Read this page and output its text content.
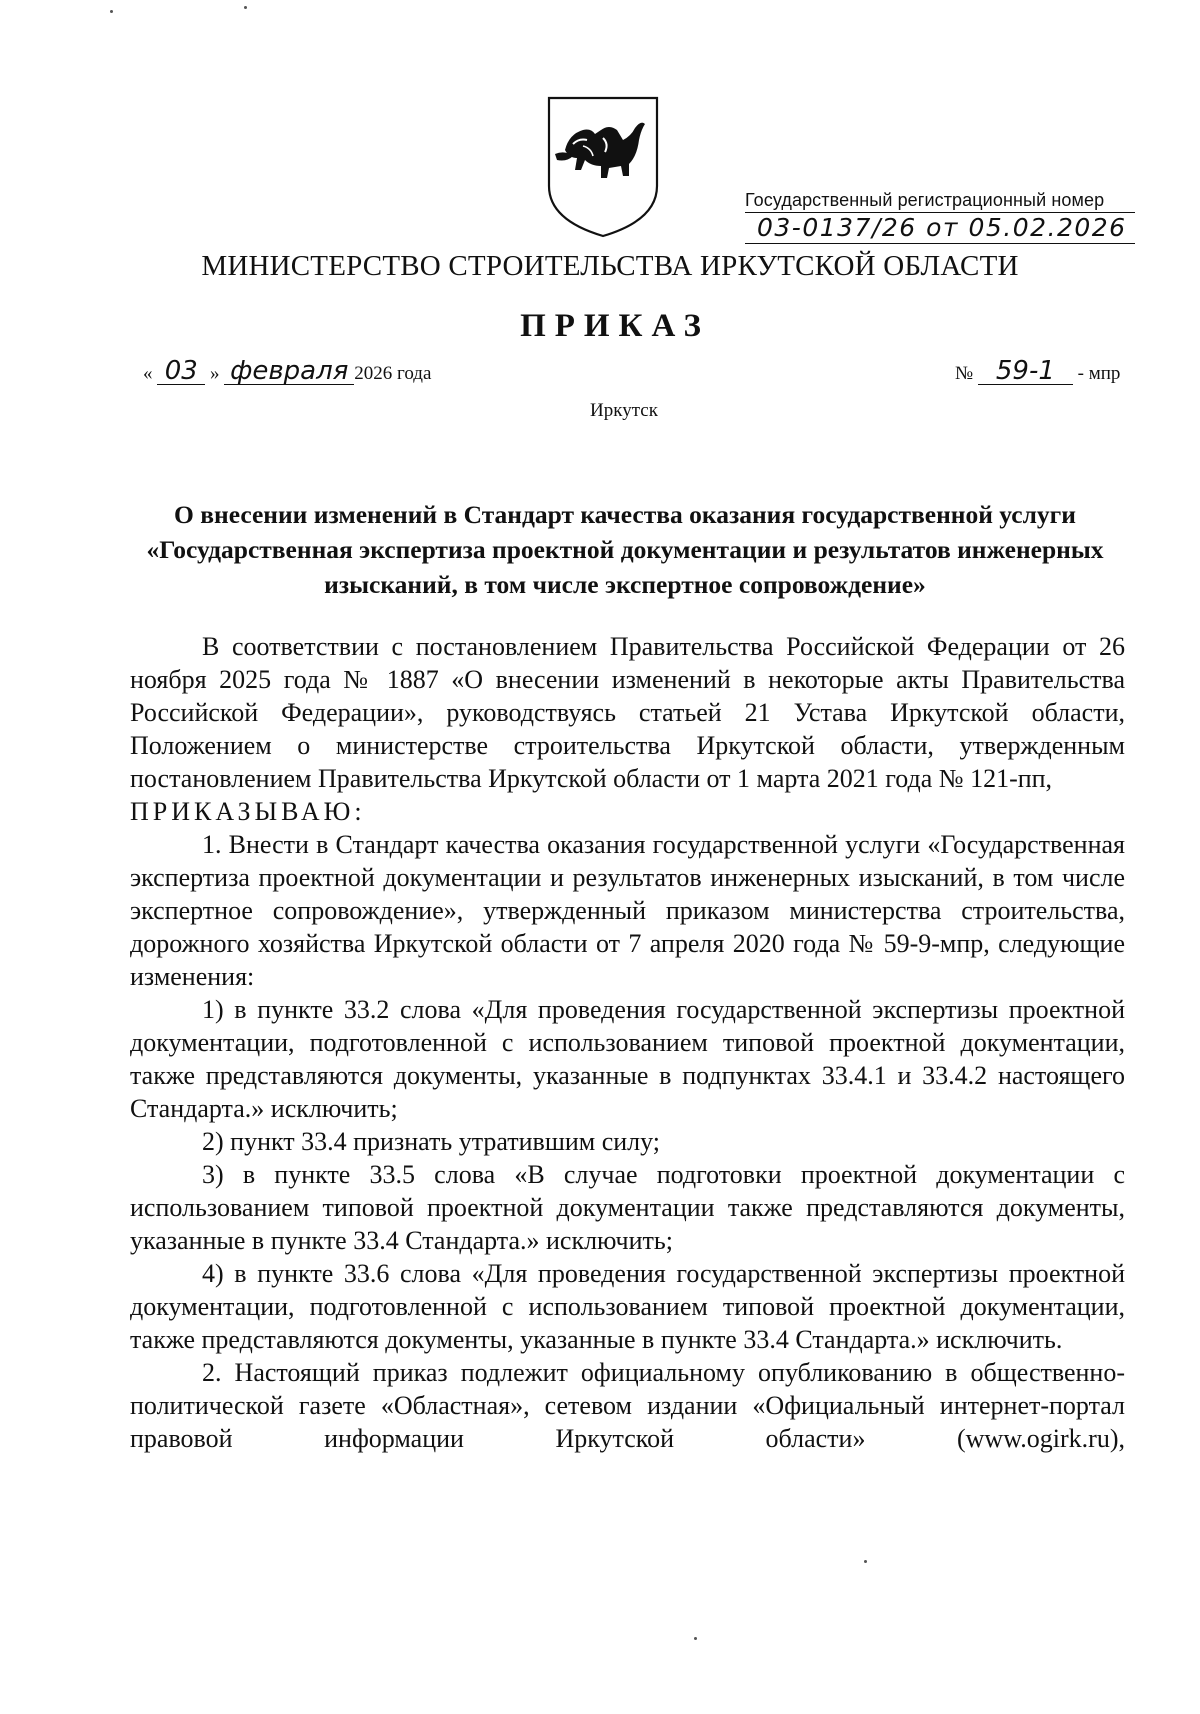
Государственный регистрационный номер
03-0137/26 от 05.02.2026
МИНИСТЕРСТВО СТРОИТЕЛЬСТВА ИРКУТСКОЙ ОБЛАСТИ
ПРИКАЗ
« 03 » февраля 2026 года	№ 59-1 - мпр
Иркутск
О внесении изменений в Стандарт качества оказания государственной услуги «Государственная экспертиза проектной документации и результатов инженерных изысканий, в том числе экспертное сопровождение»

В соответствии с постановлением Правительства Российской Федерации от 26 ноября 2025 года № 1887 «О внесении изменений в некоторые акты Правительства Российской Федерации», руководствуясь статьей 21 Устава Иркутской области, Положением о министерстве строительства Иркутской области, утвержденным постановлением Правительства Иркутской области от 1 марта 2021 года № 121-пп,

ПРИКАЗЫВАЮ:

1. Внести в Стандарт качества оказания государственной услуги «Государственная экспертиза проектной документации и результатов инженерных изысканий, в том числе экспертное сопровождение», утвержденный приказом министерства строительства, дорожного хозяйства Иркутской области от 7 апреля 2020 года № 59-9-мпр, следующие изменения:

1) в пункте 33.2 слова «Для проведения государственной экспертизы проектной документации, подготовленной с использованием типовой проектной документации, также представляются документы, указанные в подпунктах 33.4.1 и 33.4.2 настоящего Стандарта.» исключить;

2) пункт 33.4 признать утратившим силу;

3) в пункте 33.5 слова «В случае подготовки проектной документации с использованием типовой проектной документации также представляются документы, указанные в пункте 33.4 Стандарта.» исключить;

4) в пункте 33.6 слова «Для проведения государственной экспертизы проектной документации, подготовленной с использованием типовой проектной документации, также представляются документы, указанные в пункте 33.4 Стандарта.» исключить.

2. Настоящий приказ подлежит официальному опубликованию в общественно-политической газете «Областная», сетевом издании «Официальный интернет-портал правовой информации Иркутской области» (www.ogirk.ru),
